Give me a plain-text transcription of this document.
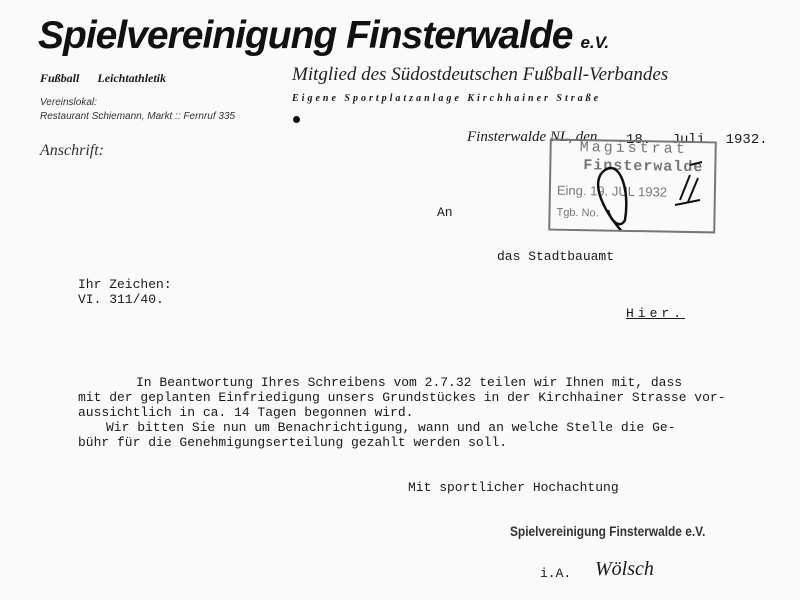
Spielvereinigung Finsterwalde e.V.
Fußball Leichtathletik
Vereinslokal:
Restaurant Schiemann, Markt :: Fernruf 335
Mitglied des Südostdeutschen Fußball-Verbandes
Eigene Sportplatzanlage Kirchhainer Straße
Anschrift:
Finsterwalde NL, den 18. Juli 1932.
Magistrat
Finsterwalde
Eing. 19. JUL 1932
Tgb. No.
An
das Stadtbauamt
Ihr Zeichen:
VI. 311/40.
Hier.

In Beantwortung Ihres Schreibens vom 2.7.32 teilen wir Ihnen mit, dass

mit der geplanten Einfriedigung unsers Grundstückes in der Kirchhainer Strasse vor-

aussichtlich in ca. 14 Tagen begonnen wird.

Wir bitten Sie nun um Benachrichtigung, wann und an welche Stelle die Ge-

bühr für die Genehmigungserteilung gezahlt werden soll.

Mit sportlicher Hochachtung
Spielvereinigung Finsterwalde e.V.
i.A. Wölsch
